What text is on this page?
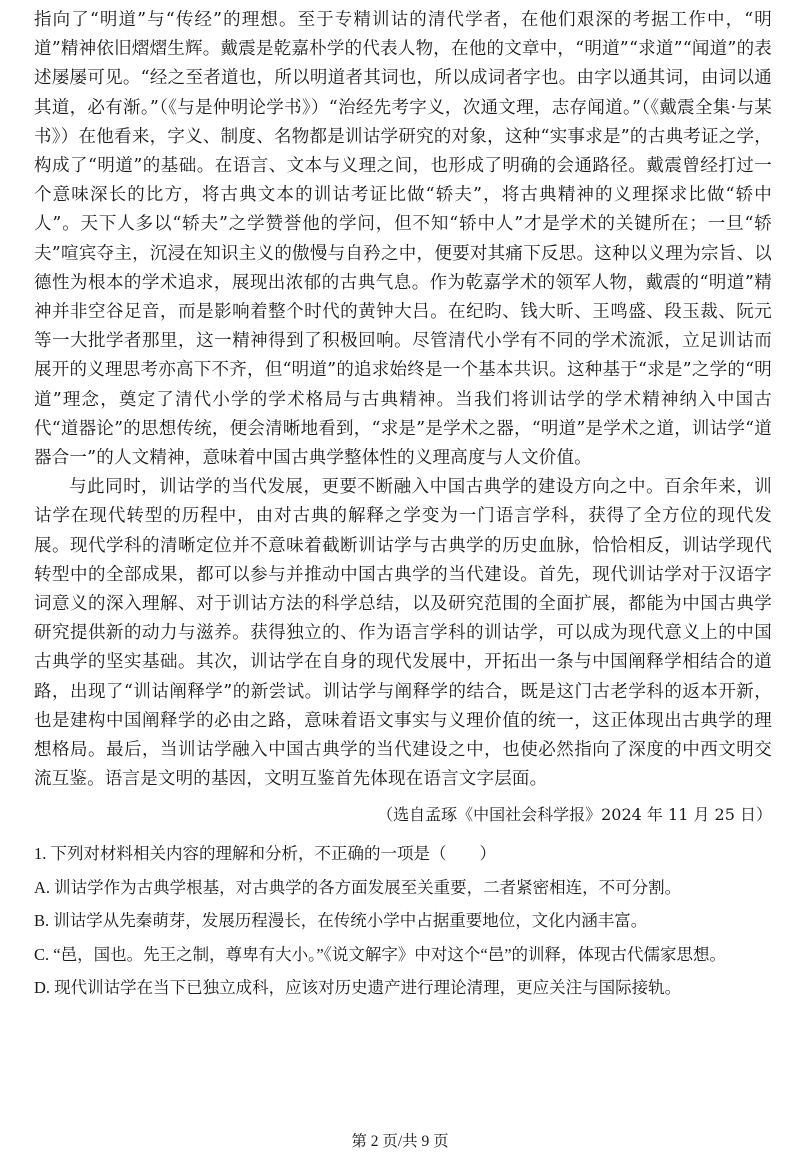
指向了“明道”与“传经”的理想。至于专精训诂的清代学者，在他们艰深的考据工作中，“明道”精神依旧熠熠生辉。戴震是乾嘉朴学的代表人物，在他的文章中，“明道”“求道”“闻道”的表述屡屡可见。“经之至者道也，所以明道者其词也，所以成词者字也。由字以通其词，由词以通其道，必有渐。”（《与是仲明论学书》）“治经先考字义，次通文理，志存闻道。”（《戴震全集·与某书》）在他看来，字义、制度、名物都是训诂学研究的对象，这种“实事求是”的古典考证之学，构成了“明道”的基础。在语言、文本与义理之间，也形成了明确的会通路径。戴震曾经打过一个意味深长的比方，将古典文本的训诂考证比做“轿夫”，将古典精神的义理探求比做“轿中人”。天下人多以“轿夫”之学赞誉他的学问，但不知“轿中人”才是学术的关键所在；一旦“轿夫”喧宾夺主，沉浸在知识主义的傲慢与自矜之中，便要对其痛下反思。这种以义理为宗旨、以德性为根本的学术追求，展现出浓郁的古典气息。作为乾嘉学术的领军人物，戴震的“明道”精神并非空谷足音，而是影响着整个时代的黄钟大吕。在纪昀、钱大昕、王鸣盛、段玉裁、阮元等一大批学者那里，这一精神得到了积极回响。尽管清代小学有不同的学术流派，立足训诂而展开的义理思考亦高下不齐，但“明道”的追求始终是一个基本共识。这种基于“求是”之学的“明道”理念，奠定了清代小学的学术格局与古典精神。当我们将训诂学的学术精神纳入中国古代“道器论”的思想传统，便会清晰地看到，“求是”是学术之器，“明道”是学术之道，训诂学“道器合一”的人文精神，意味着中国古典学整体性的义理高度与人文价值。

与此同时，训诂学的当代发展，更要不断融入中国古典学的建设方向之中。百余年来，训诂学在现代转型的历程中，由对古典的解释之学变为一门语言学科，获得了全方位的现代发展。现代学科的清晰定位并不意味着截断训诂学与古典学的历史血脉，恰恰相反，训诂学现代转型中的全部成果，都可以参与并推动中国古典学的当代建设。首先，现代训诂学对于汉语字词意义的深入理解、对于训诂方法的科学总结，以及研究范围的全面扩展，都能为中国古典学研究提供新的动力与滋养。获得独立的、作为语言学科的训诂学，可以成为现代意义上的中国古典学的坚实基础。其次，训诂学在自身的现代发展中，开拓出一条与中国阐释学相结合的道路，出现了“训诂阐释学”的新尝试。训诂学与阐释学的结合，既是这门古老学科的返本开新，也是建构中国阐释学的必由之路，意味着语文事实与义理价值的统一，这正体现出古典学的理想格局。最后，当训诂学融入中国古典学的当代建设之中，也使必然指向了深度的中西文明交流互鉴。语言是文明的基因，文明互鉴首先体现在语言文字层面。

（选自孟琢《中国社会科学报》2024 年 11 月 25 日）

1. 下列对材料相关内容的理解和分析，不正确的一项是（　　）

A. 训诂学作为古典学根基，对古典学的各方面发展至关重要，二者紧密相连，不可分割。

B. 训诂学从先秦萌芽，发展历程漫长，在传统小学中占据重要地位，文化内涵丰富。

C. “邑，国也。先王之制，尊卑有大小。”《说文解字》中对这个“邑”的训释，体现古代儒家思想。

D. 现代训诂学在当下已独立成科，应该对历史遗产进行理论清理，更应关注与国际接轨。

第 2 页/共 9 页
